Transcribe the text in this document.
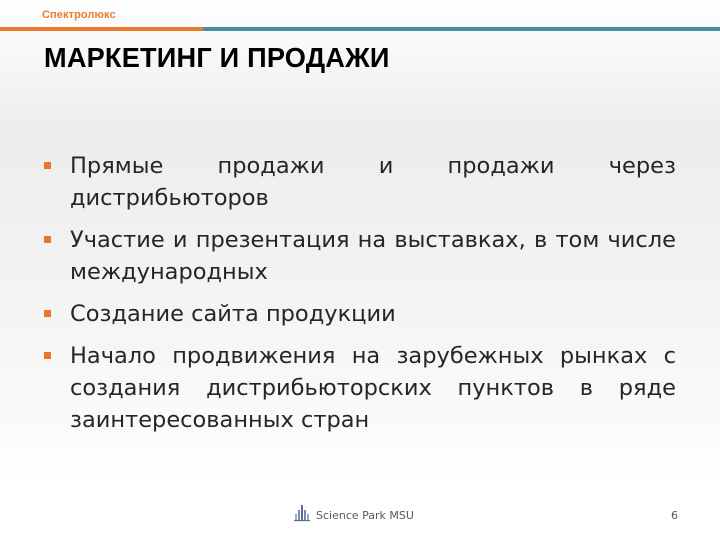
Спектролюкс
МАРКЕТИНГ И ПРОДАЖИ
Прямые продажи и продажи через дистрибьюторов
Участие и презентация на выставках, в том числе международных
Создание сайта продукции
Начало продвижения на зарубежных рынках с создания дистрибьюторских пунктов в ряде заинтересованных стран
Science Park MSU	6
